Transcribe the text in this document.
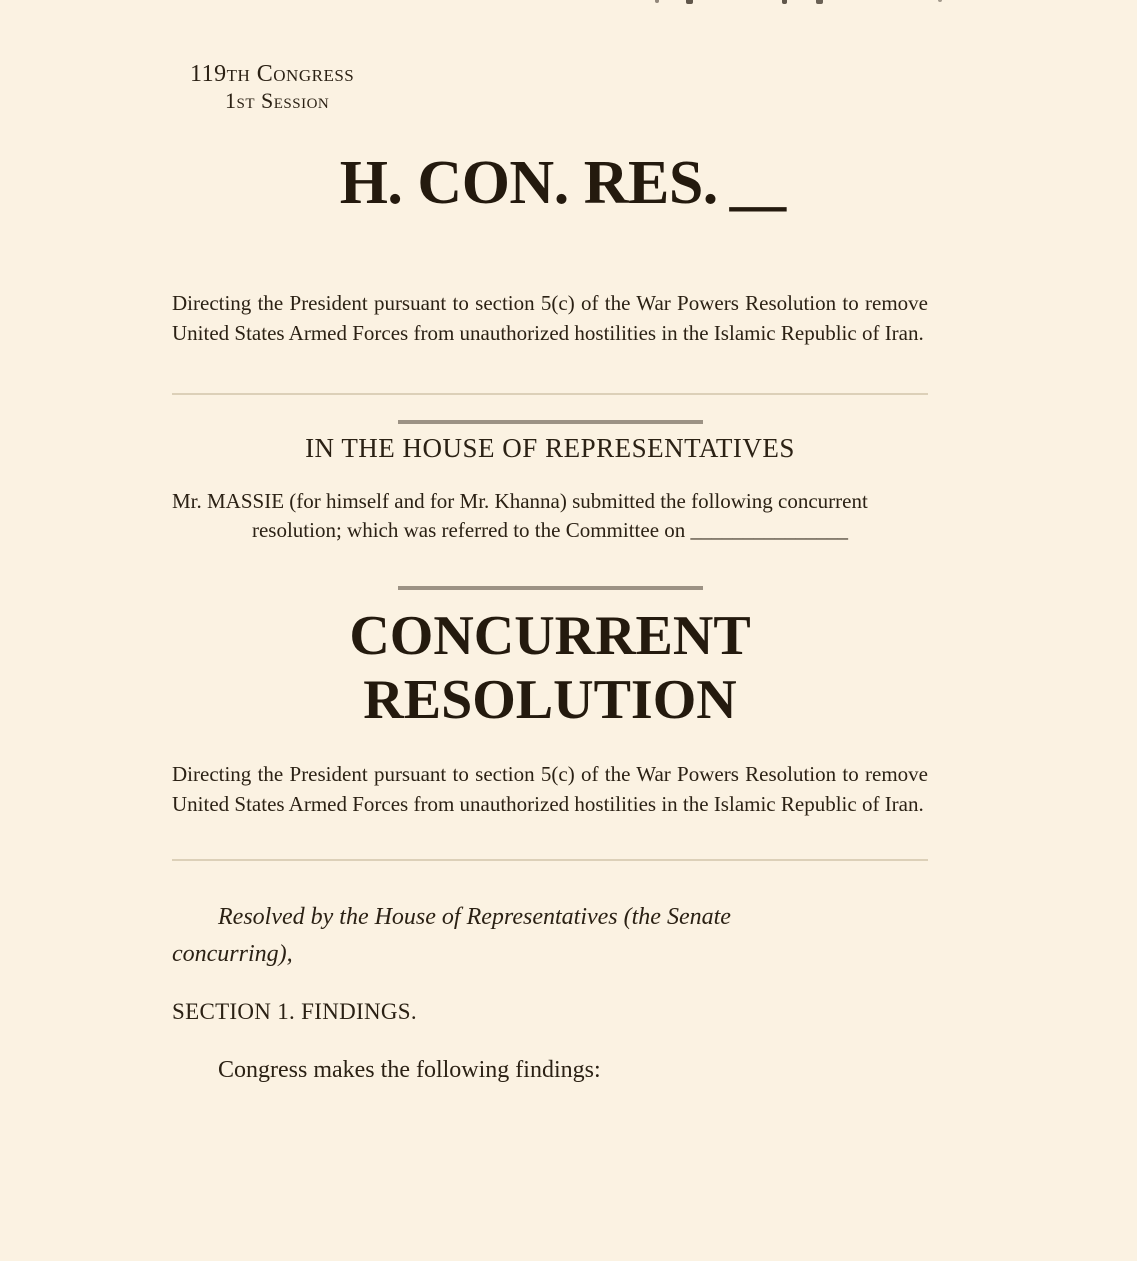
119th Congress
1st Session
H. CON. RES. _

Directing the President pursuant to section 5(c) of the War Powers Resolution to remove United States Armed Forces from unauthorized hostilities in the Islamic Republic of Iran.

IN THE HOUSE OF REPRESENTATIVES

Mr. MASSIE (for himself and for Mr. Khanna) submitted the following concurrent
resolution; which was referred to the Committee on _______________

CONCURRENT RESOLUTION

Directing the President pursuant to section 5(c) of the War Powers Resolution to remove United States Armed Forces from unauthorized hostilities in the Islamic Republic of Iran.

Resolved by the House of Representatives (the Senate concurring),

SECTION 1. FINDINGS.

Congress makes the following findings:
